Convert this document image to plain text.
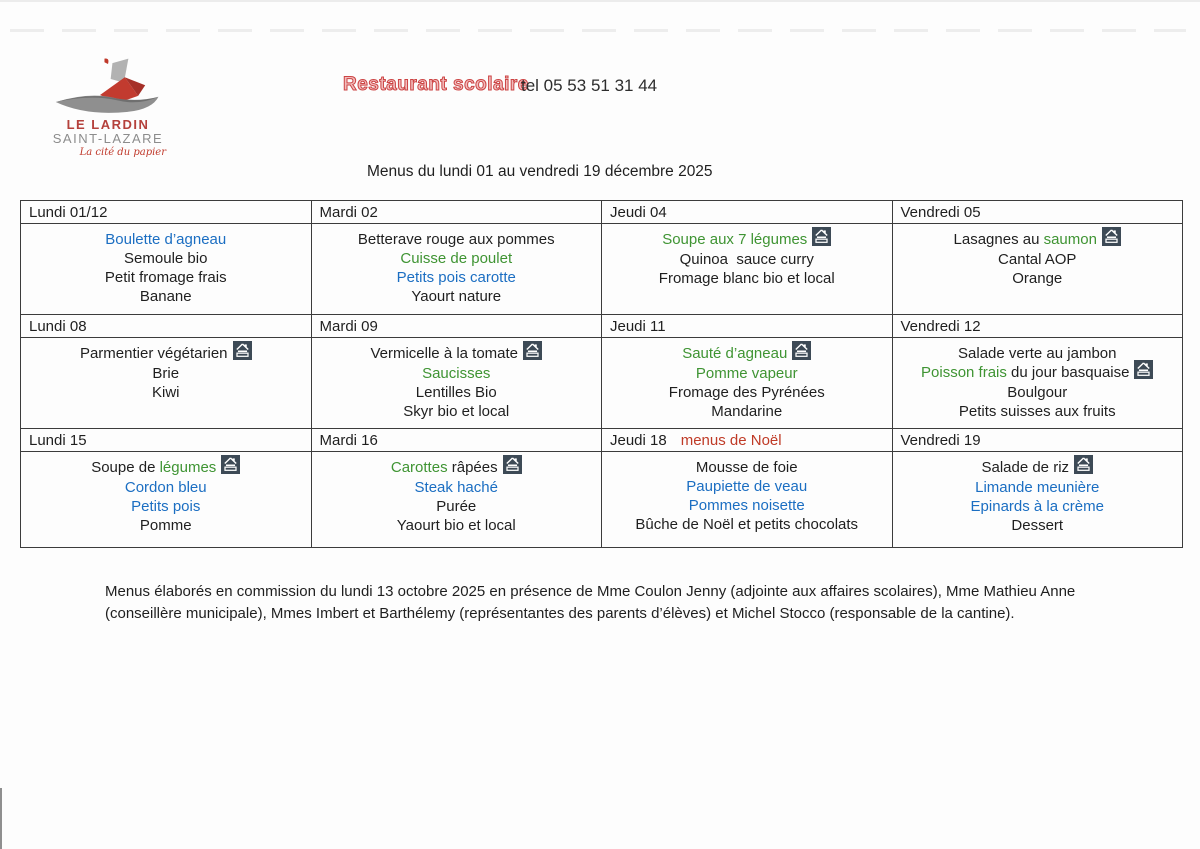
LE LARDIN
SAINT-LAZARE
La cité du papier
Restaurant scolaire
tel 05 53 51 31 44
Menus du lundi 01 au vendredi 19 décembre 2025
Lundi 01/12	Mardi 02	Jeudi 04	Vendredi 05

Boulette d’agneau
Semoule bio
Petit fromage frais
Banane

Betterave rouge aux pommes
Cuisse de poulet
Petits pois carotte
Yaourt nature

Soupe aux 7 légumes
Quinoa  sauce curry
Fromage blanc bio et local

Lasagnes au saumon
Cantal AOP
Orange

Lundi 08	Mardi 09	Jeudi 11	Vendredi 12

Parmentier végétarien
Brie
Kiwi

Vermicelle à la tomate
Saucisses
Lentilles Bio
Skyr bio et local

Sauté d’agneau
Pomme vapeur
Fromage des Pyrénées
Mandarine

Salade verte au jambon
Poisson frais du jour basquaise
Boulgour
Petits suisses aux fruits

Lundi 15	Mardi 16	Jeudi 18 menus de Noël	Vendredi 19

Soupe de légumes
Cordon bleu
Petits pois
Pomme

Carottes râpées
Steak haché
Purée
Yaourt bio et local

Mousse de foie
Paupiette de veau
Pommes noisette
Bûche de Noël et petits chocolats

Salade de riz
Limande meunière
Epinards à la crème
Dessert
Menus élaborés en commission du lundi 13 octobre 2025 en présence de Mme Coulon Jenny (adjointe aux affaires scolaires), Mme Mathieu Anne (conseillère municipale), Mmes Imbert et Barthélemy (représentantes des parents d’élèves) et Michel Stocco (responsable de la cantine).
